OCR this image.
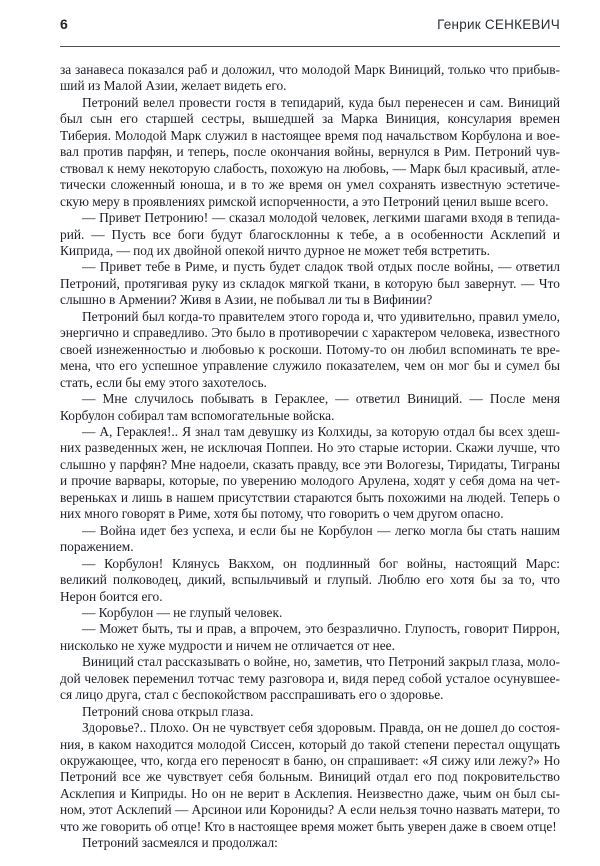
6	Генрик СЕНКЕВИЧ

за занавеса показался раб и доложил, что молодой Марк Виниций, только что прибывший из Малой Азии, желает видеть его.

Петроний велел провести гостя в тепидарий, куда был перенесен и сам. Виниций был сын его старшей сестры, вышедшей за Марка Виниция, консулария времен Тиберия. Молодой Марк служил в настоящее время под начальством Корбулона и воевал против парфян, и теперь, после окончания войны, вернулся в Рим. Петроний чувствовал к нему некоторую слабость, похожую на любовь, — Марк был красивый, атлетически сложенный юноша, и в то же время он умел сохранять известную эстетическую меру в проявлениях римской испорченности, а это Петроний ценил выше всего.

— Привет Петронию! — сказал молодой человек, легкими шагами входя в тепидарий. — Пусть все боги будут благосклонны к тебе, а в особенности Асклепий и Киприда, — под их двойной опекой ничто дурное не может тебя встретить.

— Привет тебе в Риме, и пусть будет сладок твой отдых после войны, — ответил Петроний, протягивая руку из складок мягкой ткани, в которую был завернут. — Что слышно в Армении? Живя в Азии, не побывал ли ты в Вифинии?

Петроний был когда-то правителем этого города и, что удивительно, правил умело, энергично и справедливо. Это было в противоречии с характером человека, известного своей изнеженностью и любовью к роскоши. Потому-то он любил вспоминать те времена, что его успешное управление служило показателем, чем он мог бы и сумел бы стать, если бы ему этого захотелось.

— Мне случилось побывать в Гераклее, — ответил Виниций. — После меня Корбулон собирал там вспомогательные войска.

— А, Гераклея!.. Я знал там девушку из Колхиды, за которую отдал бы всех здешних разведенных жен, не исключая Поппеи. Но это старые истории. Скажи лучше, что слышно у парфян? Мне надоели, сказать правду, все эти Вологезы, Тиридаты, Тиграны и прочие варвары, которые, по уверению молодого Арулена, ходят у себя дома на четвереньках и лишь в нашем присутствии стараются быть похожими на людей. Теперь о них много говорят в Риме, хотя бы потому, что говорить о чем другом опасно.

— Война идет без успеха, и если бы не Корбулон — легко могла бы стать нашим поражением.

— Корбулон! Клянусь Вакхом, он подлинный бог войны, настоящий Марс: великий полководец, дикий, вспыльчивый и глупый. Люблю его хотя бы за то, что Нерон боится его.

— Корбулон — не глупый человек.

— Может быть, ты и прав, а впрочем, это безразлично. Глупость, говорит Пиррон, нисколько не хуже мудрости и ничем не отличается от нее.

Виниций стал рассказывать о войне, но, заметив, что Петроний закрыл глаза, молодой человек переменил тотчас тему разговора и, видя перед собой усталое осунувшееся лицо друга, стал с беспокойством расспрашивать его о здоровье.

Петроний снова открыл глаза.

Здоровье?.. Плохо. Он не чувствует себя здоровым. Правда, он не дошел до состояния, в каком находится молодой Сиссен, который до такой степени перестал ощущать окружающее, что, когда его переносят в баню, он спрашивает: «Я сижу или лежу?» Но Петроний все же чувствует себя больным. Виниций отдал его под покровительство Асклепия и Киприды. Но он не верит в Асклепия. Неизвестно даже, чьим он был сыном, этот Асклепий — Арсинои или Корониды? А если нельзя точно назвать матери, то что же говорить об отце! Кто в настоящее время может быть уверен даже в своем отце!

Петроний засмеялся и продолжал:
